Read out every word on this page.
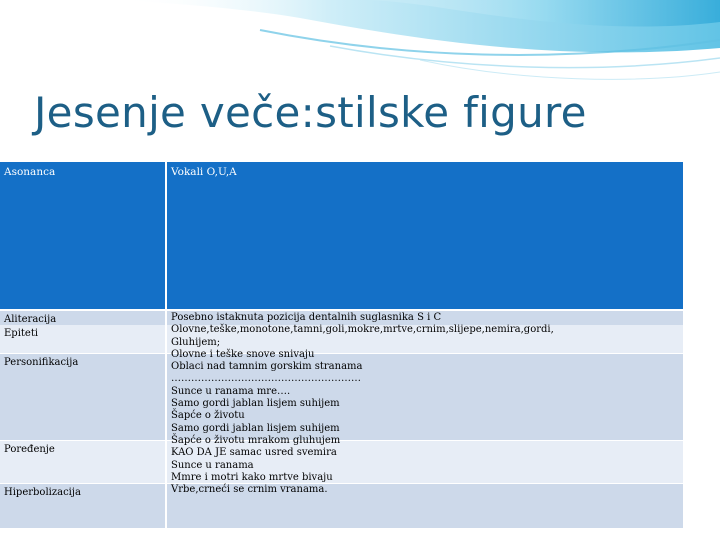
Jesenje veče:stilske figure
Asonanca	Vokali O,U,A
Aliteracija
Epiteti
Personifikacija
Poređenje
Hiperbolizacija
Posebno istaknuta pozicija dentalnih suglasnika S i C
Olovne,teške,monotone,tamni,goli,mokre,mrtve,crnim,slijepe,nemira,gordi,
Gluhijem;
Olovne i teške snove snivaju
Oblaci nad tamnim gorskim stranama
…………………………………………………
Sunce u ranama mre….
Samo gordi jablan lisjem suhijem
Šapće o životu
Samo gordi jablan lisjem suhijem
Šapće o životu mrakom gluhujem
KAO DA JE samac usred svemira
Sunce u ranama
Mmre i motri kako mrtve bivaju
Vrbe,crneći se crnim vranama.
